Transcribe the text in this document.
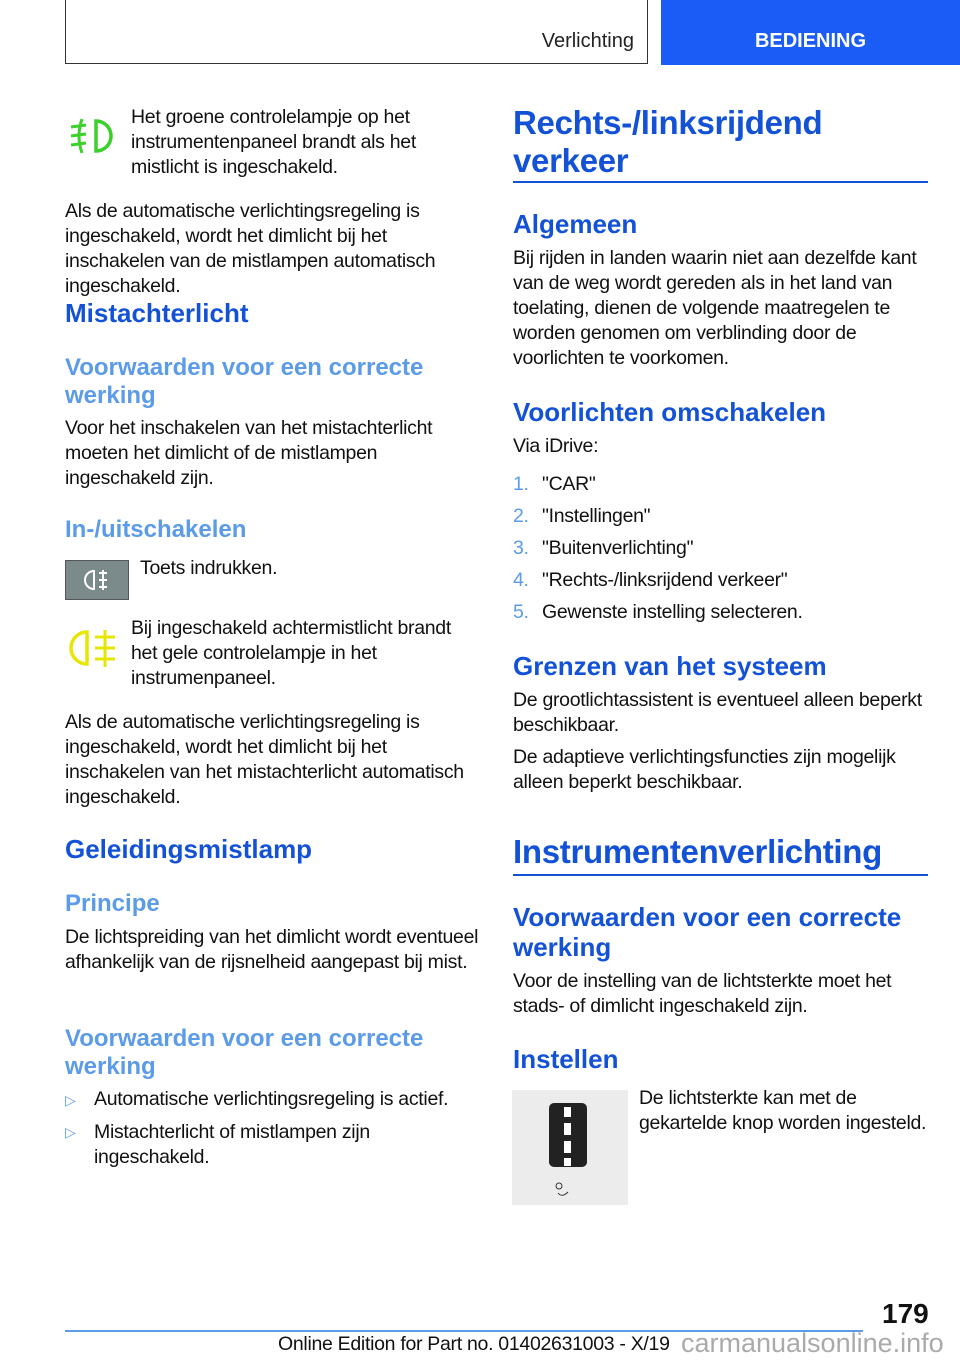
Verlichting	BEDIENING

Het groene controlelampje op het instrumentenpaneel brandt als het mistlicht is ingeschakeld.

Als de automatische verlichtingsregeling is ingeschakeld, wordt het dimlicht bij het inschakelen van de mistlampen automatisch ingeschakeld.

Mistachterlicht
Voorwaarden voor een correcte werking

Voor het inschakelen van het mistachterlicht moeten het dimlicht of de mistlampen ingeschakeld zijn.

In-/uitschakelen

Toets indrukken.

Bij ingeschakeld achtermistlicht brandt het gele controlelampje in het instrumenpaneel.

Als de automatische verlichtingsregeling is ingeschakeld, wordt het dimlicht bij het inschakelen van het mistachterlicht automatisch ingeschakeld.

Geleidingsmistlamp
Principe

De lichtspreiding van het dimlicht wordt eventueel afhankelijk van de rijsnelheid aangepast bij mist.

Voorwaarden voor een correcte werking
▷ Automatische verlichtingsregeling is actief.
▷ Mistachterlicht of mistlampen zijn ingeschakeld.
Rechts-/linksrijdend verkeer
Algemeen

Bij rijden in landen waarin niet aan dezelfde kant van de weg wordt gereden als in het land van toelating, dienen de volgende maatregelen te worden genomen om verblinding door de voorlichten te voorkomen.

Voorlichten omschakelen

Via iDrive:

1. "CAR"
2. "Instellingen"
3. "Buitenverlichting"
4. "Rechts-/linksrijdend verkeer"
5. Gewenste instelling selecteren.
Grenzen van het systeem

De grootlichtassistent is eventueel alleen beperkt beschikbaar.

De adaptieve verlichtingsfuncties zijn mogelijk alleen beperkt beschikbaar.

Instrumentenverlichting
Voorwaarden voor een correcte werking

Voor de instelling van de lichtsterkte moet het stads- of dimlicht ingeschakeld zijn.

Instellen

De lichtsterkte kan met de gekartelde knop worden ingesteld.

179
Online Edition for Part no. 01402631003 - X/19 carmanualsonline.info
